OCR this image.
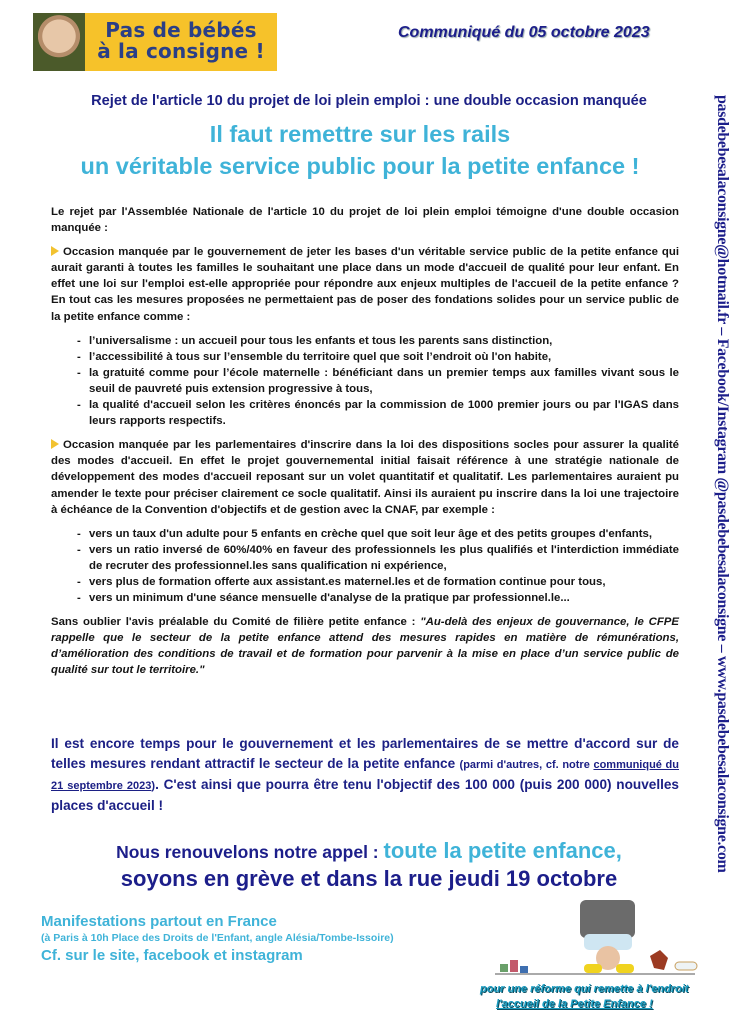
Pas de bébés
à la consigne !
Communiqué du 05 octobre 2023
Rejet de l'article 10 du projet de loi plein emploi : une double occasion manquée
Il faut remettre sur les rails
un véritable service public pour la petite enfance !	pasdebebesalaconsigne@hotmail.fr – Facebook/Instagram @pasdebebesalaconsigne – www.pasdebebesalaconsigne.com

Le rejet par l'Assemblée Nationale de l'article 10 du projet de loi plein emploi témoigne d'une double occasion manquée :

Occasion manquée par le gouvernement de jeter les bases d'un véritable service public de la petite enfance qui aurait garanti à toutes les familles le souhaitant une place dans un mode d'accueil de qualité pour leur enfant. En effet une loi sur l'emploi est-elle appropriée pour répondre aux enjeux multiples de l'accueil de la petite enfance ? En tout cas les mesures proposées ne permettaient pas de poser des fondations solides pour un service public de la petite enfance comme :

- l’universalisme : un accueil pour tous les enfants et tous les parents sans distinction,
- l’accessibilité à tous sur l’ensemble du territoire quel que soit l’endroit où l'on habite,
- la gratuité comme pour l’école maternelle : bénéficiant dans un premier temps aux familles vivant sous le seuil de pauvreté puis extension progressive à tous,
- la qualité d'accueil selon les critères énoncés par la commission de 1000 premier jours ou par l'IGAS dans leurs rapports respectifs.

Occasion manquée par les parlementaires d'inscrire dans la loi des dispositions socles pour assurer la qualité des modes d'accueil. En effet le projet gouvernemental initial faisait référence à une stratégie nationale de développement des modes d'accueil reposant sur un volet quantitatif et qualitatif. Les parlementaires auraient pu amender le texte pour préciser clairement ce socle qualitatif. Ainsi ils auraient pu inscrire dans la loi une trajectoire à échéance de la Convention d'objectifs et de gestion avec la CNAF, par exemple :

- vers un taux d'un adulte pour 5 enfants en crèche quel que soit leur âge et des petits groupes d'enfants,
- vers un ratio inversé de 60%/40% en faveur des professionnels les plus qualifiés et l'interdiction immédiate de recruter des professionnel.les sans qualification ni expérience,
- vers plus de formation offerte aux assistant.es maternel.les et de formation continue pour tous,
- vers un minimum d'une séance mensuelle d'analyse de la pratique par professionnel.le...

Sans oublier l'avis préalable du Comité de filière petite enfance : "Au-delà des enjeux de gouvernance, le CFPE rappelle que le secteur de la petite enfance attend des mesures rapides en matière de rémunérations, d’amélioration des conditions de travail et de formation pour parvenir à la mise en place d’un service public de qualité sur tout le territoire."

Il est encore temps pour le gouvernement et les parlementaires de se mettre d'accord sur de telles mesures rendant attractif le secteur de la petite enfance (parmi d'autres, cf. notre communiqué du 21 septembre 2023). C'est ainsi que pourra être tenu l'objectif des 100 000 (puis 200 000) nouvelles places d'accueil !
Nous renouvelons notre appel : toute la petite enfance,
soyons en grève et dans la rue jeudi 19 octobre
Manifestations partout en France
(à Paris à 10h Place des Droits de l'Enfant, angle Alésia/Tombe-Issoire)
Cf. sur le site, facebook et instagram
pour une réforme qui remette à l'endroit
l'accueil de la Petite Enfance !
